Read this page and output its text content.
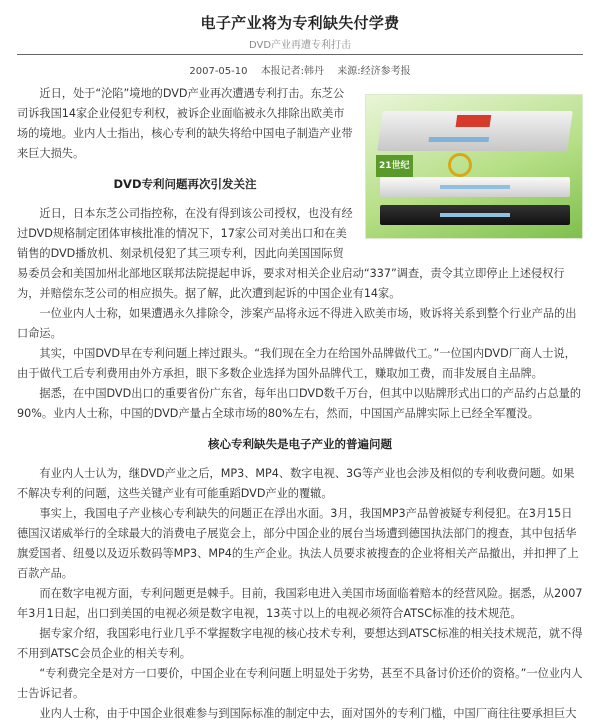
电子产业将为专利缺失付学费
DVD产业再遭专利打击
2007-05-10 本报记者:韩丹 来源:经济参考报
21世纪

近日，处于“沦陷”境地的DVD产业再次遭遇专利打击。东芝公司诉我国14家企业侵犯专利权，被诉企业面临被永久排除出欧美市场的境地。业内人士指出，核心专利的缺失将给中国电子制造产业带来巨大损失。

DVD专利问题再次引发关注

近日，日本东芝公司指控称，在没有得到该公司授权，也没有经过DVD规格制定团体审核批准的情况下，17家公司对美出口和在美销售的DVD播放机、刻录机侵犯了其三项专利，因此向美国国际贸易委员会和美国加州北部地区联邦法院提起申诉，要求对相关企业启动“337”调查，责令其立即停止上述侵权行为，并赔偿东芝公司的相应损失。据了解，此次遭到起诉的中国企业有14家。

一位业内人士称，如果遭遇永久排除令，涉案产品将永远不得进入欧美市场，败诉将关系到整个行业产品的出口命运。

其实，中国DVD早在专利问题上摔过跟头。“我们现在全力在给国外品牌做代工。”一位国内DVD厂商人士说，由于做代工后专利费用由外方承担，眼下多数企业选择为国外品牌代工，赚取加工费，而非发展自主品牌。

据悉，在中国DVD出口的重要省份广东省，每年出口DVD数千万台，但其中以贴牌形式出口的产品约占总量的90%。业内人士称，中国的DVD产量占全球市场的80%左右，然而，中国国产品牌实际上已经全军覆没。

核心专利缺失是电子产业的普遍问题

有业内人士认为，继DVD产业之后，MP3、MP4、数字电视、3G等产业也会涉及相似的专利收费问题。如果不解决专利的问题，这些关键产业有可能重蹈DVD产业的覆辙。

事实上，我国电子产业核心专利缺失的问题正在浮出水面。3月，我国MP3产品曾被疑专利侵犯。在3月15日德国汉诺威举行的全球最大的消费电子展览会上，部分中国企业的展台当场遭到德国执法部门的搜查，其中包括华旗爱国者、纽曼以及迈乐数码等MP3、MP4的生产企业。执法人员要求被搜查的企业将相关产品撤出，并扣押了上百款产品。

而在数字电视方面，专利问题更是棘手。目前，我国彩电进入美国市场面临着赔本的经营风险。据悉，从2007年3月1日起，出口到美国的电视必须是数字电视，13英寸以上的电视必须符合ATSC标准的技术规范。

据专家介绍，我国彩电行业几乎不掌握数字电视的核心技术专利，要想达到ATSC标准的相关技术规范，就不得不用到ATSC会员企业的相关专利。

“专利费完全是对方一口要价，中国企业在专利问题上明显处于劣势，甚至不具备讨价还价的资格。”一位业内人士告诉记者。

业内人士称，由于中国企业很难参与到国际标准的制定中去，面对国外的专利门槛，中国厂商往往要承担巨大
